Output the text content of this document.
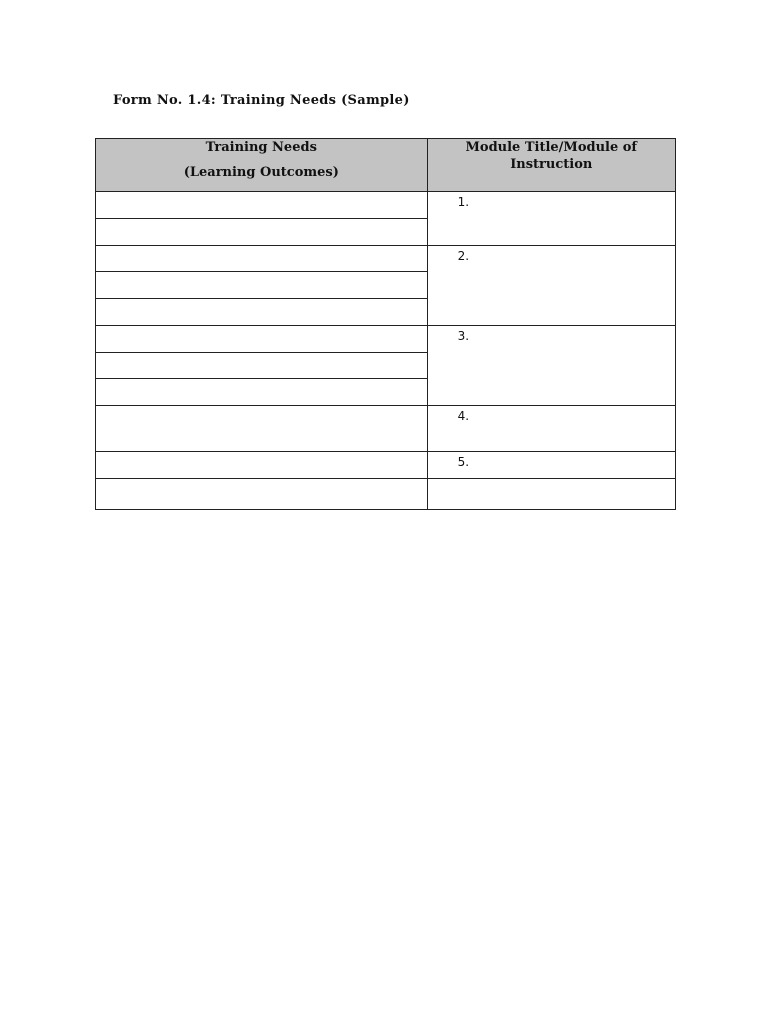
Form No. 1.4: Training Needs (Sample)
Training Needs
(Learning Outcomes)	Module Title/Module of
Instruction

	1.

	2.

	3.

	4.

	5.
